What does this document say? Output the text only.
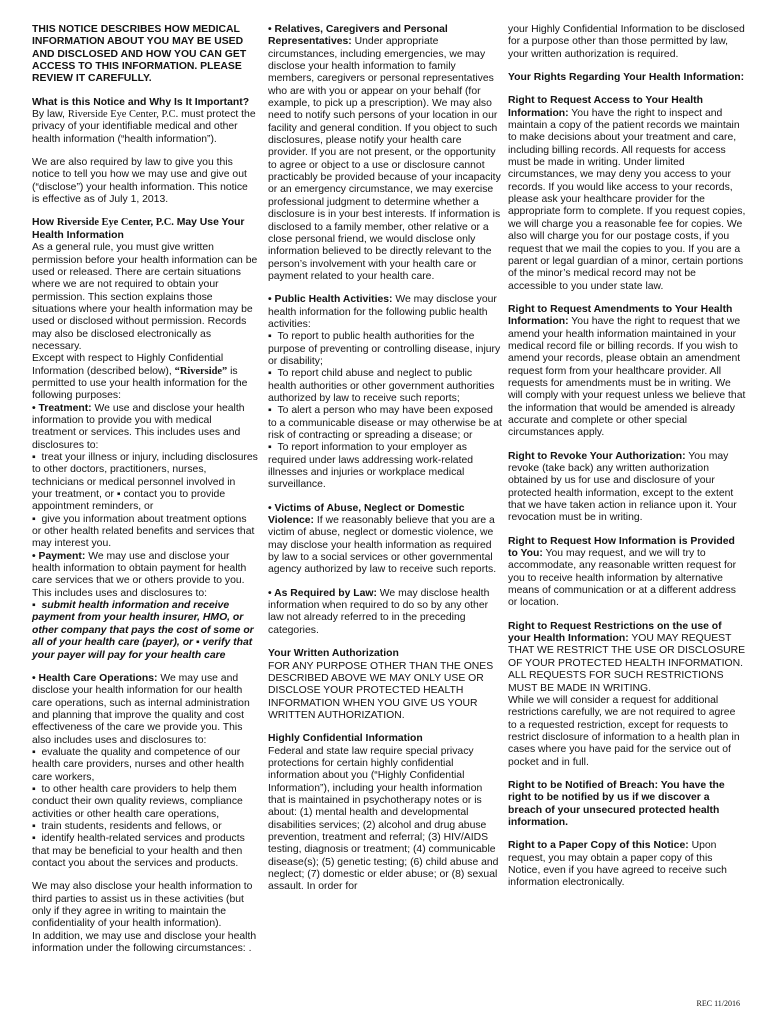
THIS NOTICE DESCRIBES HOW MEDICAL INFORMATION ABOUT YOU MAY BE USED AND DISCLOSED AND HOW YOU CAN GET ACCESS TO THIS INFORMATION. PLEASE REVIEW IT CAREFULLY.

What is this Notice and Why Is It Important?
By law, Riverside Eye Center, P.C. must protect the privacy of your identifiable medical and other health information (“health information”).

We are also required by law to give you this notice to tell you how we may use and give out (“disclose”) your health information. This notice is effective as of July 1, 2013.

How Riverside Eye Center, P.C. May Use Your Health Information
As a general rule, you must give written permission before your health information can be used or released. There are certain situations where we are not required to obtain your permission. This section explains those situations where your health information may be used or disclosed without permission. Records may also be disclosed electronically as necessary.
Except with respect to Highly Confidential Information (described below), “Riverside” is permitted to use your health information for the following purposes:
• Treatment: We use and disclose your health information to provide you with medical treatment or services. This includes uses and disclosures to:
▪  treat your illness or injury, including disclosures to other doctors, practitioners, nurses, technicians or medical personnel involved in your treatment, or ▪ contact you to provide appointment reminders, or
▪  give you information about treatment options or other health related benefits and services that may interest you.
• Payment: We may use and disclose your health information to obtain payment for health care services that we or others provide to you. This includes uses and disclosures to:
▪  submit health information and receive payment from your health insurer, HMO, or other company that pays the cost of some or all of your health care (payer), or ▪ verify that your payer will pay for your health care

• Health Care Operations: We may use and disclose your health information for our health care operations, such as internal administration and planning that improve the quality and cost effectiveness of the care we provide you. This also includes uses and disclosures to:
▪  evaluate the quality and competence of our health care providers, nurses and other health care workers,
▪  to other health care providers to help them conduct their own quality reviews, compliance activities or other health care operations,
▪  train students, residents and fellows, or
▪  identify health-related services and products that may be beneficial to your health and then contact you about the services and products.

We may also disclose your health information to third parties to assist us in these activities (but only if they agree in writing to maintain the confidentiality of your health information).
In addition, we may use and disclose your health information under the following circumstances: .

• Relatives, Caregivers and Personal Representatives: Under appropriate circumstances, including emergencies, we may disclose your health information to family members, caregivers or personal representatives who are with you or appear on your behalf (for example, to pick up a prescription). We may also need to notify such persons of your location in our facility and general condition. If you object to such disclosures, please notify your health care provider. If you are not present, or the opportunity to agree or object to a use or disclosure cannot practicably be provided because of your incapacity or an emergency circumstance, we may exercise professional judgment to determine whether a disclosure is in your best interests. If information is disclosed to a family member, other relative or a close personal friend, we would disclose only information believed to be directly relevant to the person’s involvement with your health care or payment related to your health care.

• Public Health Activities: We may disclose your health information for the following public health activities:
▪  To report to public health authorities for the purpose of preventing or controlling disease, injury or disability;
▪  To report child abuse and neglect to public health authorities or other government authorities authorized by law to receive such reports;
▪  To alert a person who may have been exposed to a communicable disease or may otherwise be at risk of contracting or spreading a disease; or
▪  To report information to your employer as required under laws addressing work-related illnesses and injuries or workplace medical surveillance.

• Victims of Abuse, Neglect or Domestic Violence: If we reasonably believe that you are a victim of abuse, neglect or domestic violence, we may disclose your health information as required by law to a social services or other governmental agency authorized by law to receive such reports.

• As Required by Law: We may disclose health information when required to do so by any other law not already referred to in the preceding categories.

Your Written Authorization
FOR ANY PURPOSE OTHER THAN THE ONES DESCRIBED ABOVE WE MAY ONLY USE OR DISCLOSE YOUR PROTECTED HEALTH INFORMATION WHEN YOU GIVE US YOUR WRITTEN AUTHORIZATION.

Highly Confidential Information
Federal and state law require special privacy protections for certain highly confidential information about you (“Highly Confidential Information”), including your health information that is maintained in psychotherapy notes or is about: (1) mental health and developmental disabilities services; (2) alcohol and drug abuse prevention, treatment and referral; (3) HIV/AIDS testing, diagnosis or treatment; (4) communicable disease(s); (5) genetic testing; (6) child abuse and neglect; (7) domestic or elder abuse; or (8) sexual assault. In order for

your Highly Confidential Information to be disclosed for a purpose other than those permitted by law, your written authorization is required.

Your Rights Regarding Your Health Information:

Right to Request Access to Your Health Information: You have the right to inspect and maintain a copy of the patient records we maintain to make decisions about your treatment and care, including billing records. All requests for access must be made in writing. Under limited circumstances, we may deny you access to your records. If you would like access to your records, please ask your healthcare provider for the appropriate form to complete. If you request copies, we will charge you a reasonable fee for copies. We also will charge you for our postage costs, if you request that we mail the copies to you. If you are a parent or legal guardian of a minor, certain portions of the minor’s medical record may not be accessible to you under state law.

Right to Request Amendments to Your Health Information: You have the right to request that we amend your health information maintained in your medical record file or billing records. If you wish to amend your records, please obtain an amendment request form from your healthcare provider. All requests for amendments must be in writing. We will comply with your request unless we believe that the information that would be amended is already accurate and complete or other special circumstances apply.

Right to Revoke Your Authorization: You may revoke (take back) any written authorization obtained by us for use and disclosure of your protected health information, except to the extent that we have taken action in reliance upon it. Your revocation must be in writing.

Right to Request How Information is Provided to You: You may request, and we will try to accommodate, any reasonable written request for you to receive health information by alternative means of communication or at a different address or location.

Right to Request Restrictions on the use of your Health Information: YOU MAY REQUEST THAT WE RESTRICT THE USE OR DISCLOSURE OF YOUR PROTECTED HEALTH INFORMATION. ALL REQUESTS FOR SUCH RESTRICTIONS MUST BE MADE IN WRITING.
While we will consider a request for additional restrictions carefully, we are not required to agree to a requested restriction, except for requests to restrict disclosure of information to a health plan in cases where you have paid for the service out of pocket and in full.

Right to be Notified of Breach: You have the right to be notified by us if we discover a breach of your unsecured protected health information.

Right to a Paper Copy of this Notice: Upon request, you may obtain a paper copy of this Notice, even if you have agreed to receive such information electronically.

REC 11/2016
